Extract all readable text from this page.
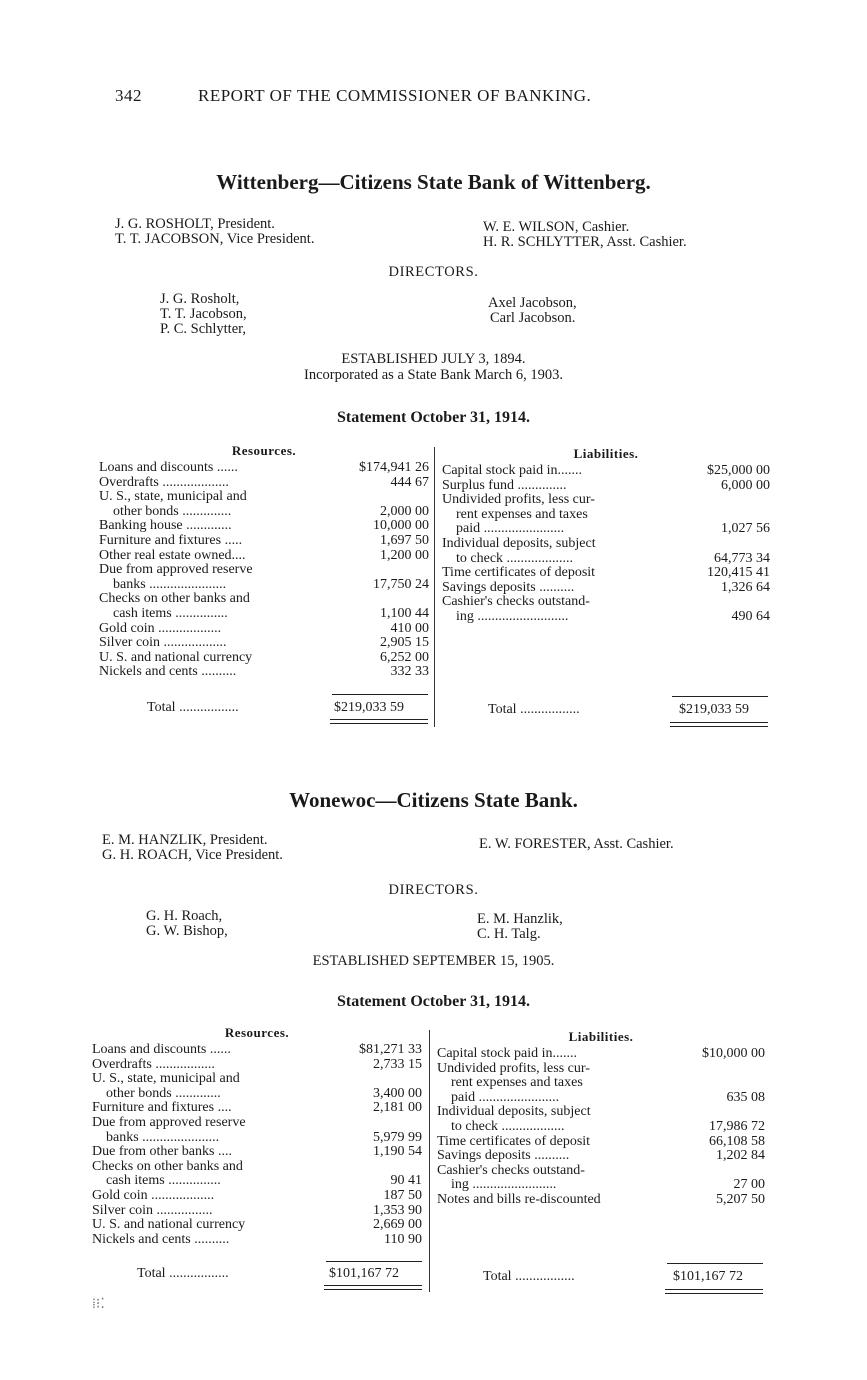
342	REPORT OF THE COMMISSIONER OF BANKING.
Wittenberg—Citizens State Bank of Wittenberg.
J. G. ROSHOLT, President.
T. T. JACOBSON, Vice President.
W. E. WILSON, Cashier.
H. R. SCHLYTTER, Asst. Cashier.
DIRECTORS.
J. G. Rosholt,
T. T. Jacobson,
P. C. Schlytter,
Axel Jacobson,
Carl Jacobson.
ESTABLISHED JULY 3, 1894.
Incorporated as a State Bank March 6, 1903.
Statement October 31, 1914.
Resources.
Loans and discounts ......	$174,941 26
Overdrafts ...................	444 67
U. S., state, municipal and
other bonds ..............	2,000 00
Banking house .............	10,000 00
Furniture and fixtures .....	1,697 50
Other real estate owned....	1,200 00
Due from approved reserve
banks ......................	17,750 24
Checks on other banks and
cash items ...............	1,100 44
Gold coin ..................	410 00
Silver coin ..................	2,905 15
U. S. and national currency	6,252 00
Nickels and cents ..........	332 33
Liabilities.
Capital stock paid in.......	$25,000 00
Surplus fund ..............	6,000 00
Undivided profits, less cur-
rent expenses and taxes
paid .......................	1,027 56
Individual deposits, subject
to check ...................	64,773 34
Time certificates of deposit	120,415 41
Savings deposits ..........	1,326 64
Cashier's checks outstand-
ing ..........................	490 64
Total .................	$219,033 59	Total .................	$219,033 59
Wonewoc—Citizens State Bank.
E. M. HANZLIK, President.
G. H. ROACH, Vice President.
E. W. FORESTER, Asst. Cashier.
DIRECTORS.
G. H. Roach,
G. W. Bishop,
E. M. Hanzlik,
C. H. Talg.
ESTABLISHED SEPTEMBER 15, 1905.
Statement October 31, 1914.
Resources.
Loans and discounts ......	$81,271 33
Overdrafts .................	2,733 15
U. S., state, municipal and
other bonds .............	3,400 00
Furniture and fixtures ....	2,181 00
Due from approved reserve
banks ......................	5,979 99
Due from other banks ....	1,190 54
Checks on other banks and
cash items ...............	90 41
Gold coin ..................	187 50
Silver coin ................	1,353 90
U. S. and national currency	2,669 00
Nickels and cents ..........	110 90
Liabilities.
Capital stock paid in.......	$10,000 00
Undivided profits, less cur-
rent expenses and taxes
paid .......................	635 08
Individual deposits, subject
to check ..................	17,986 72
Time certificates of deposit	66,108 58
Savings deposits ..........	1,202 84
Cashier's checks outstand-
ing ........................	27 00
Notes and bills re-discounted	5,207 50
Total .................	$101,167 72	Total .................	$101,167 72
⁞⁝⁚
